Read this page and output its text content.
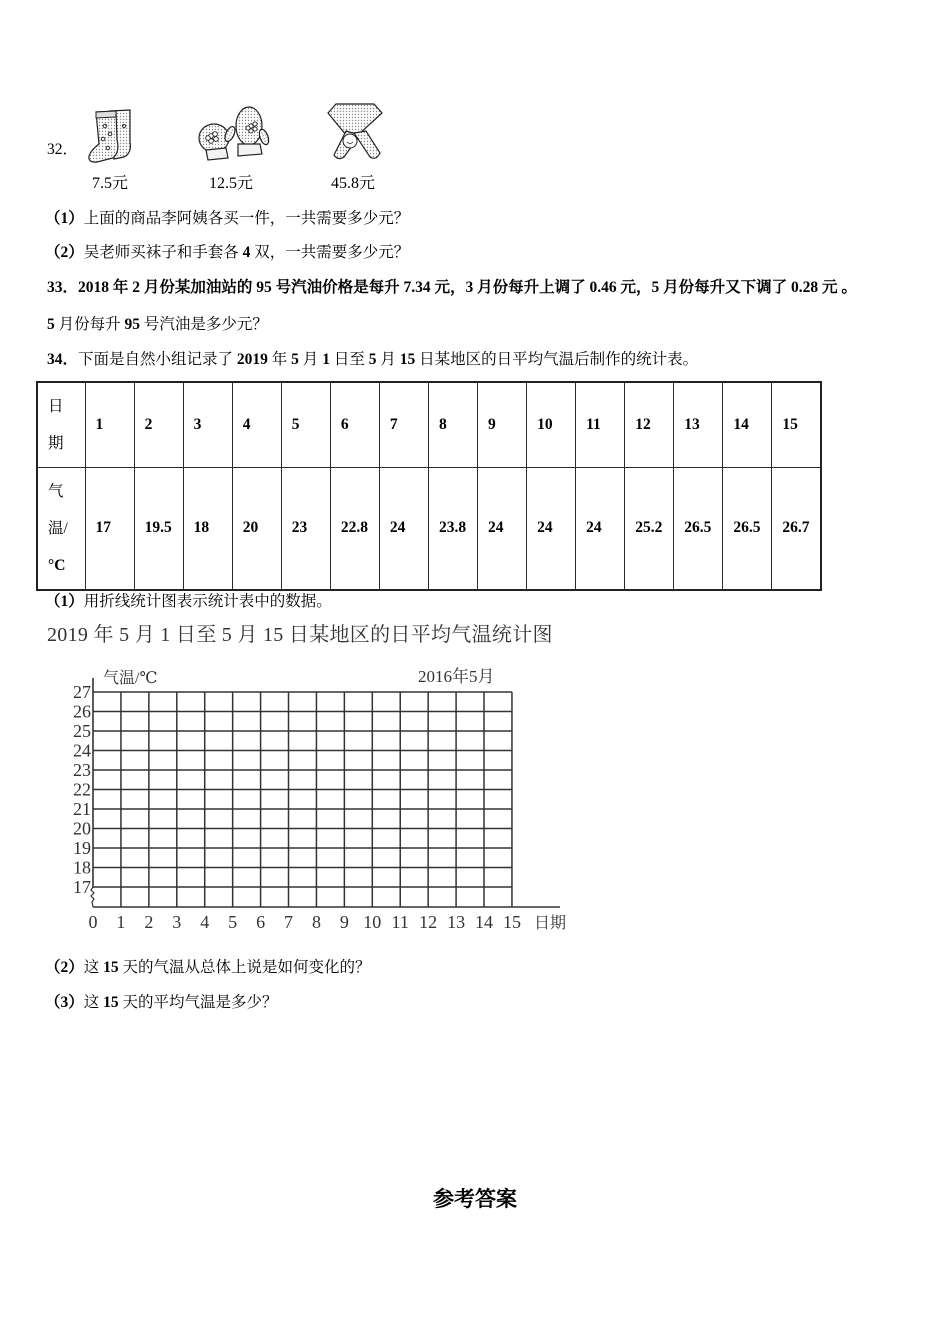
32．
7.5元	12.5元	45.8元
（1）上面的商品李阿姨各买一件，一共需要多少元？
（2）吴老师买袜子和手套各 4 双，一共需要多少元？
33．2018 年 2 月份某加油站的 95 号汽油价格是每升 7.34 元，3 月份每升上调了 0.46 元，5 月份每升又下调了 0.28 元 。
5 月份每升 95 号汽油是多少元？
34．下面是自然小组记录了 2019 年 5 月 1 日至 5 月 15 日某地区的日平均气温后制作的统计表。
日
期	1	2	3	4	5	6	7	8	9	10	11	12	13	14	15

气
温/
°C	17	19.5	18	20	23	22.8	24	23.8	24	24	24	25.2	26.5	26.5	26.7
（1）用折线统计图表示统计表中的数据。
2019 年 5 月 1 日至 5 月 15 日某地区的日平均气温统计图
气温/℃	2016年5月
日期
27
26
25
24
23
22
21
20
19
18
17
0 1 2 3 4 5 6 7 8 9 10 11 12 13 14 15
（2）这 15 天的气温从总体上说是如何变化的？
（3）这 15 天的平均气温是多少？
参考答案
